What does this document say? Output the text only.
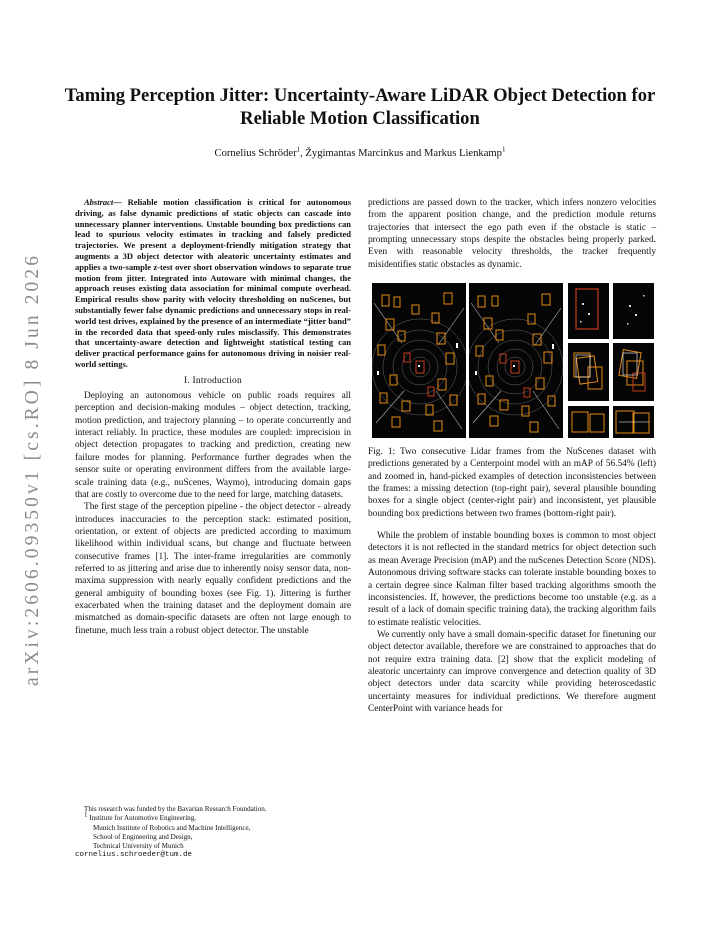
arXiv:2606.09350v1 [cs.RO] 8 Jun 2026
Taming Perception Jitter: Uncertainty-Aware LiDAR Object Detection for Reliable Motion Classification
Cornelius Schröder$^1$, Žygimantas Marcinkus and Markus Lienkamp$^1$

Abstract— Reliable motion classification is critical for autonomous driving, as false dynamic predictions of static objects can cascade into unnecessary planner interventions. Unstable bounding box predictions can lead to spurious velocity estimates in tracking and falsely predicted trajectories. We present a deployment-friendly mitigation strategy that augments a 3D object detector with aleatoric uncertainty estimates and applies a two-sample z-test over short observation windows to separate true motion from jitter. Integrated into Autoware with minimal changes, the approach reuses existing data association for minimal compute overhead. Empirical results show parity with velocity thresholding on nuScenes, but substantially fewer false dynamic predictions and unnecessary stops in real-world test drives, explained by the presence of an intermediate “jitter band” in the recorded data that speed-only rules misclassify. This demonstrates that uncertainty-aware detection and lightweight statistical testing can deliver practical performance gains for autonomous driving in noisier real-world settings.

I. Introduction

Deploying an autonomous vehicle on public roads requires all perception and decision-making modules – object detection, tracking, motion prediction, and trajectory planning – to operate concurrently and interact reliably. In practice, these modules are coupled: imprecision in object detection propagates to tracking and prediction, creating new failure modes for planning. Performance further degrades when the sensor suite or operating environment differs from the available large-scale training data (e.g., nuScenes, Waymo), introducing domain gaps that are costly to overcome due to the need for large, matching datasets.

The first stage of the perception pipeline - the object detector - already introduces inaccuracies to the perception stack: estimated position, orientation, or extent of objects are predicted according to maximum likelihood within individual scans, but change and fluctuate between consecutive frames [1]. The inter-frame irregularities are commonly referred to as jittering and arise due to inherently noisy sensor data, non-maxima suppression with nearly equally confident predictions and the general ambiguity of bounding boxes (see Fig. 1). Jittering is further exacerbated when the training dataset and the deployment domain are mismatched as domain-specific datasets are often not large enough to finetune, much less train a robust object detector. The unstable

This research was funded by the Bavarian Research Foundation.
1 Institute for Automotive Engineering,
Munich Institute of Robotics and Machine Intelligence,
School of Engineering and Design,
Technical University of Munich
cornelius.schroeder@tum.de

predictions are passed down to the tracker, which infers nonzero velocities from the apparent position change, and the prediction module returns trajectories that intersect the ego path even if the obstacle is static – prompting unnecessary stops despite the obstacles being properly parked. Even with reasonable velocity thresholds, the tracker frequently misidentifies static obstacles as dynamic.

Fig. 1: Two consecutive Lidar frames from the NuScenes dataset with predictions generated by a Centerpoint model with an mAP of 56.54% (left) and zoomed in, hand-picked examples of detection inconsistencies between the frames: a missing detection (top-right pair), several plausible bounding boxes for a single object (center-right pair) and inconsistent, yet plausible bounding box predictions between two frames (bottom-right pair).

While the problem of instable bounding boxes is common to most object detectors it is not reflected in the standard metrics for object detection such as mean Average Precision (mAP) and the nuScenes Detection Score (NDS). Autonomous driving software stacks can tolerate instable bounding boxes to a certain degree since Kalman filter based tracking algorithms smooth the inconsistencies. If, however, the predictions become too unstable (e.g. as a result of a lack of domain specific training data), the tracking algorithm fails to estimate realistic velocities.

We currently only have a small domain-specific dataset for finetuning our object detector available, therefore we are constrained to approaches that do not require extra training data. [2] show that the explicit modeling of aleatoric uncertainty can improve convergence and detection quality of 3D object detectors under data scarcity while providing heteroscedastic uncertainty measures for individual predictions. We therefore augment CenterPoint with variance heads for
